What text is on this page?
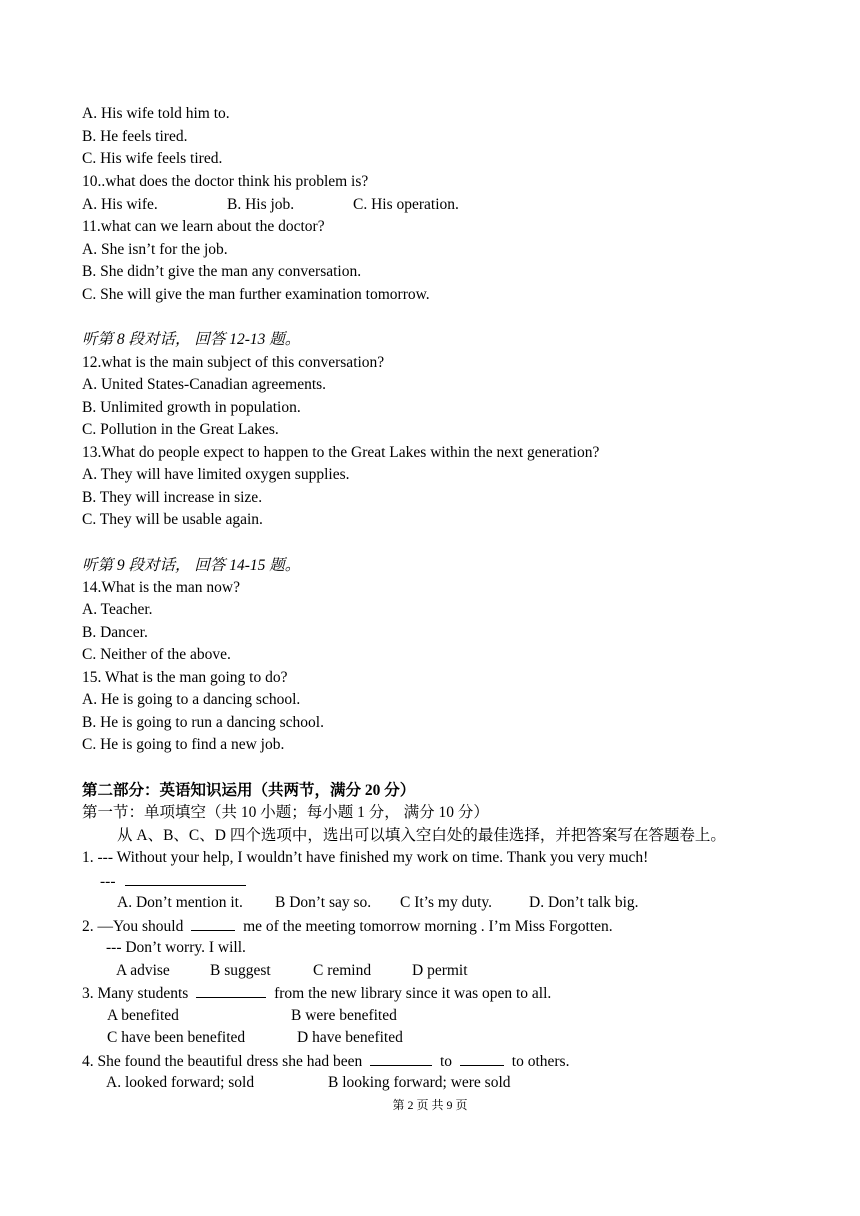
A. His wife told him to.
B. He feels tired.
C. His wife feels tired.
10..what does the doctor think his problem is?
A. His wife.	B. His job.	C. His operation.
11.what can we learn about the doctor?
A. She isn’t for the job.
B. She didn’t give the man any conversation.
C. She will give the man further examination tomorrow.
听第 8 段对话， 回答 12-13 题。
12.what is the main subject of this conversation?
A. United States-Canadian agreements.
B. Unlimited growth in population.
C. Pollution in the Great Lakes.
13.What do people expect to happen to the Great Lakes within the next generation?
A. They will have limited oxygen supplies.
B. They will increase in size.
C. They will be usable again.
听第 9 段对话， 回答 14-15 题。
14.What is the man now?
A. Teacher.
B. Dancer.
C. Neither of the above.
15. What is the man going to do?
A. He is going to a dancing school.
B. He is going to run a dancing school.
C. He is going to find a new job.
第二部分：英语知识运用（共两节，满分 20 分）
第一节：单项填空（共 10 小题；每小题 1 分， 满分 10 分）
从 A、B、C、D 四个选项中，选出可以填入空白处的最佳选择，并把答案写在答题卷上。
1. --- Without your help, I wouldn’t have finished my work on time. Thank you very much!
---
A. Don’t mention it. B Don’t say so. C It’s my duty. D. Don’t talk big.
2. —You should	me of the meeting tomorrow morning . I’m Miss Forgotten.
--- Don’t worry. I will.
A advise	B suggest	C remind	D permit
3. Many students	from the new library since it was open to all.
A benefited	B were benefited
C have been benefited	D have benefited
4. She found the beautiful dress she had been	to	to others.
A. looked forward; sold	B looking forward; were sold
第 2 页 共 9 页
